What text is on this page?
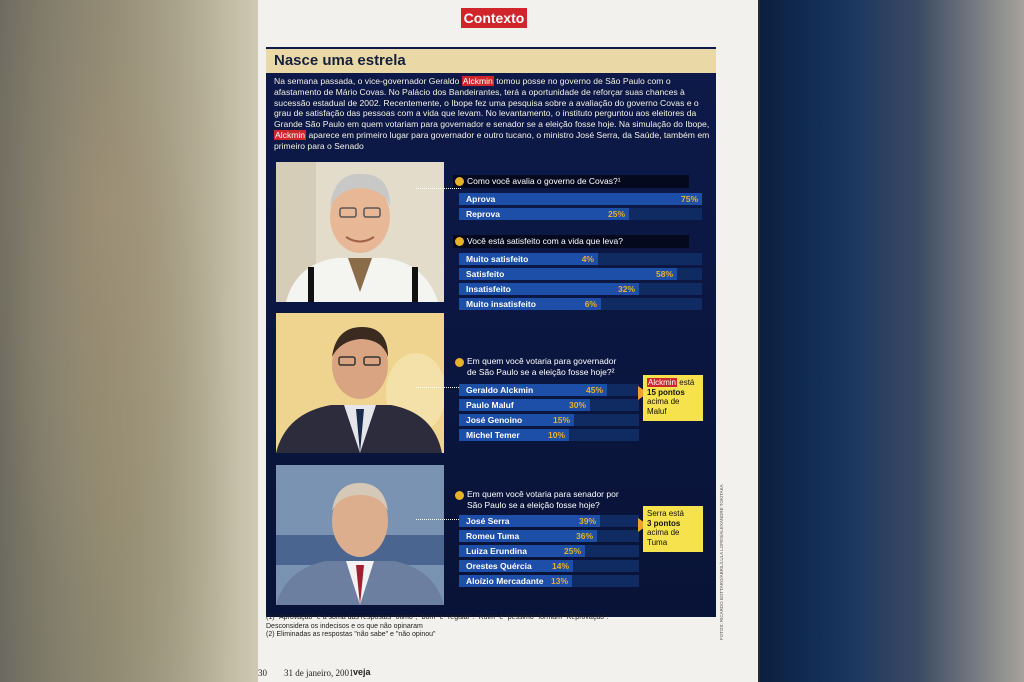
Contexto
Nasce uma estrela
Na semana passada, o vice-governador Geraldo Alckmin tomou posse no governo de São Paulo com o afastamento de Mário Covas. No Palácio dos Bandeirantes, terá a oportunidade de reforçar suas chances à sucessão estadual de 2002. Recentemente, o Ibope fez uma pesquisa sobre a avaliação do governo Covas e o grau de satisfação das pessoas com a vida que levam. No levantamento, o instituto perguntou aos eleitores da Grande São Paulo em quem votariam para governador e senador se a eleição fosse hoje. Na simulação do Ibope, Alckmin aparece em primeiro lugar para governador e outro tucano, o ministro José Serra, da Saúde, também em primeiro para o Senado
Como você avalia o governo de Covas?¹
Aprova	75%
Reprova	25%
Você está satisfeito com a vida que leva?
Muito satisfeito	4%
Satisfeito	58%
Insatisfeito	32%
Muito insatisfeito	6%
Em quem você votaria para governador de São Paulo se a eleição fosse hoje?²
Geraldo Alckmin	45%
Paulo Maluf	30%
José Genoino	15%
Michel Temer	10%
Alckmin está
15 pontos
acima de
Maluf
Em quem você votaria para senador por São Paulo se a eleição fosse hoje?
José Serra	39%
Romeu Tuma	36%
Luiza Erundina	25%
Orestes Quércia 14%
Aloízio Mercadante 13%
Serra está
3 pontos
acima de
Tuma
(1) "Aprovação" é a soma das respostas "ótimo", "bom" e "regular". "Ruim" e "péssimo" formam "Reprovação".
Desconsidera os indecisos e os que não opinaram
(2) Eliminadas as respostas "não sabe" e "não opinou"	FOTOS: RICARDO BOTTARO/ABRIL/LULA LOPES/ALEXANDRE TOKITAKA
30 31 de janeiro, 2001 veja
